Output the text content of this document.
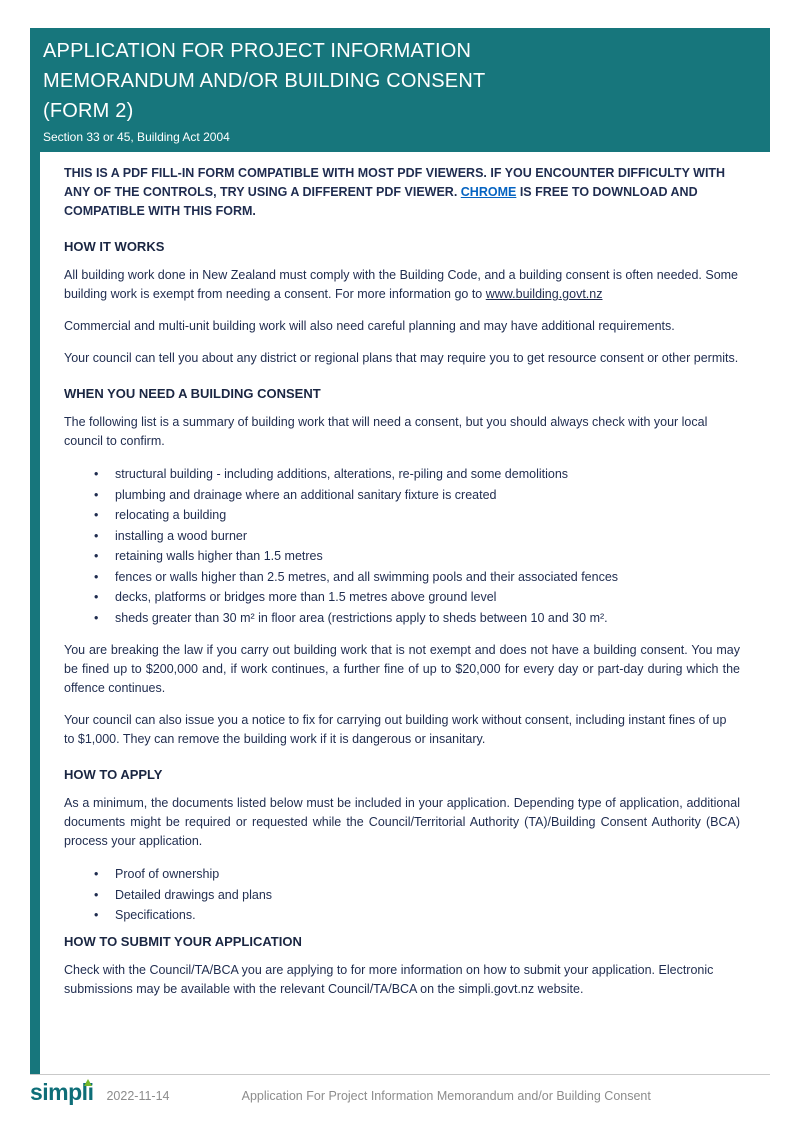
APPLICATION FOR PROJECT INFORMATION
MEMORANDUM AND/OR BUILDING CONSENT
(FORM 2)
Section 33 or 45, Building Act 2004

THIS IS A PDF FILL-IN FORM COMPATIBLE WITH MOST PDF VIEWERS. IF YOU ENCOUNTER DIFFICULTY WITH ANY OF THE CONTROLS, TRY USING A DIFFERENT PDF VIEWER. CHROME IS FREE TO DOWNLOAD AND COMPATIBLE WITH THIS FORM.

HOW IT WORKS

All building work done in New Zealand must comply with the Building Code, and a building consent is often needed. Some building work is exempt from needing a consent. For more information go to www.building.govt.nz

Commercial and multi-unit building work will also need careful planning and may have additional requirements.

Your council can tell you about any district or regional plans that may require you to get resource consent or other permits.

WHEN YOU NEED A BUILDING CONSENT

The following list is a summary of building work that will need a consent, but you should always check with your local council to confirm.

• structural building - including additions, alterations, re-piling and some demolitions
• plumbing and drainage where an additional sanitary fixture is created
• relocating a building
• installing a wood burner
• retaining walls higher than 1.5 metres
• fences or walls higher than 2.5 metres, and all swimming pools and their associated fences
• decks, platforms or bridges more than 1.5 metres above ground level
• sheds greater than 30 m² in floor area (restrictions apply to sheds between 10 and 30 m².

You are breaking the law if you carry out building work that is not exempt and does not have a building consent. You may be fined up to $200,000 and, if work continues, a further fine of up to $20,000 for every day or part-day during which the offence continues.

Your council can also issue you a notice to fix for carrying out building work without consent, including instant fines of up to $1,000. They can remove the building work if it is dangerous or insanitary.

HOW TO APPLY

As a minimum, the documents listed below must be included in your application. Depending type of application, additional documents might be required or requested while the Council/Territorial Authority (TA)/Building Consent Authority (BCA) process your application.

• Proof of ownership
• Detailed drawings and plans
• Specifications.
HOW TO SUBMIT YOUR APPLICATION

Check with the Council/TA/BCA you are applying to for more information on how to submit your application. Electronic submissions may be available with the relevant Council/TA/BCA on the simpli.govt.nz website.

simpli 2022-11-14	Application For Project Information Memorandum and/or Building Consent
